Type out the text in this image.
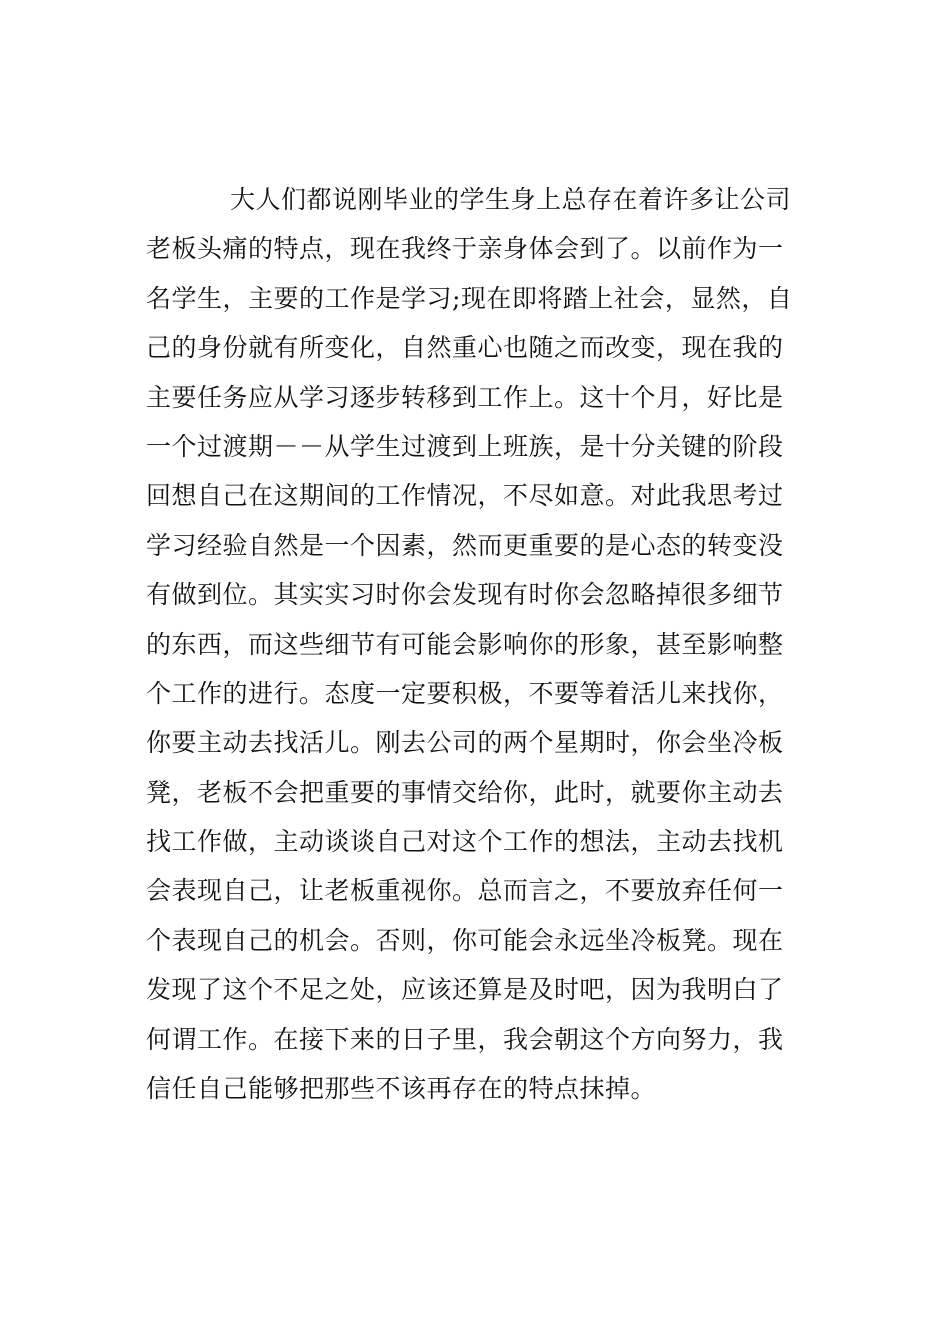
大人们都说刚毕业的学生身上总存在着许多让公司
老板头痛的特点，现在我终于亲身体会到了。以前作为一
名学生，主要的工作是学习;现在即将踏上社会，显然，自
己的身份就有所变化，自然重心也随之而改变，现在我的
主要任务应从学习逐步转移到工作上。这十个月，好比是
一个过渡期－－从学生过渡到上班族，是十分关键的阶段
回想自己在这期间的工作情况，不尽如意。对此我思考过
学习经验自然是一个因素，然而更重要的是心态的转变没
有做到位。其实实习时你会发现有时你会忽略掉很多细节
的东西，而这些细节有可能会影响你的形象，甚至影响整
个工作的进行。态度一定要积极，不要等着活儿来找你，
你要主动去找活儿。刚去公司的两个星期时，你会坐冷板
凳，老板不会把重要的事情交给你，此时，就要你主动去
找工作做，主动谈谈自己对这个工作的想法，主动去找机
会表现自己，让老板重视你。总而言之，不要放弃任何一
个表现自己的机会。否则，你可能会永远坐冷板凳。现在
发现了这个不足之处，应该还算是及时吧，因为我明白了
何谓工作。在接下来的日子里，我会朝这个方向努力，我
信任自己能够把那些不该再存在的特点抹掉。
